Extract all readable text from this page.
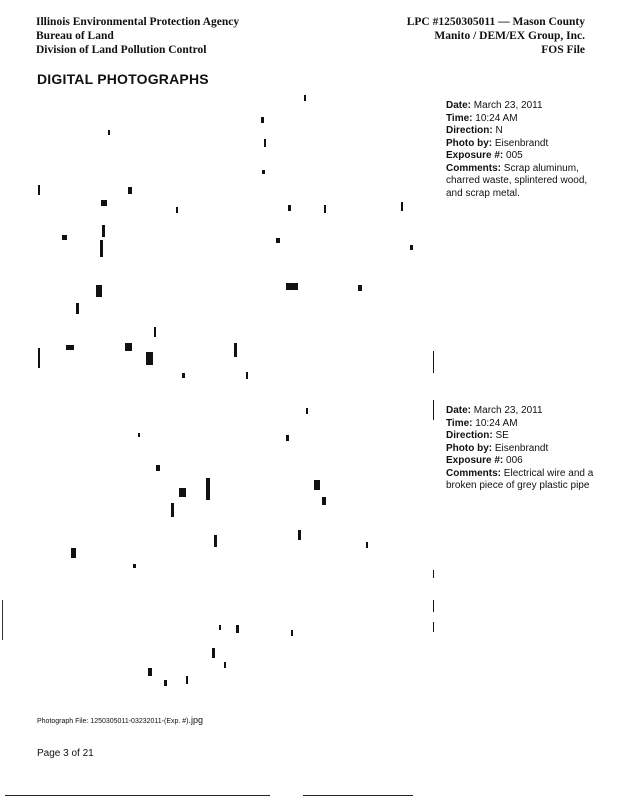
Illinois Environmental Protection Agency
Bureau of Land
Division of Land Pollution Control
LPC #1250305011 — Mason County
Manito / DEM/EX Group, Inc.
FOS File
DIGITAL PHOTOGRAPHS

Date: March 23, 2011

Time: 10:24 AM

Direction: N

Photo by: Eisenbrandt

Exposure #: 005

Comments: Scrap aluminum, charred waste, splintered wood, and scrap metal.

Date: March 23, 2011

Time: 10:24 AM

Direction: SE

Photo by: Eisenbrandt

Exposure #: 006

Comments: Electrical wire and a broken piece of grey plastic pipe

Photograph File: 1250305011-03232011-(Exp. #).jpg
Page 3 of 21
